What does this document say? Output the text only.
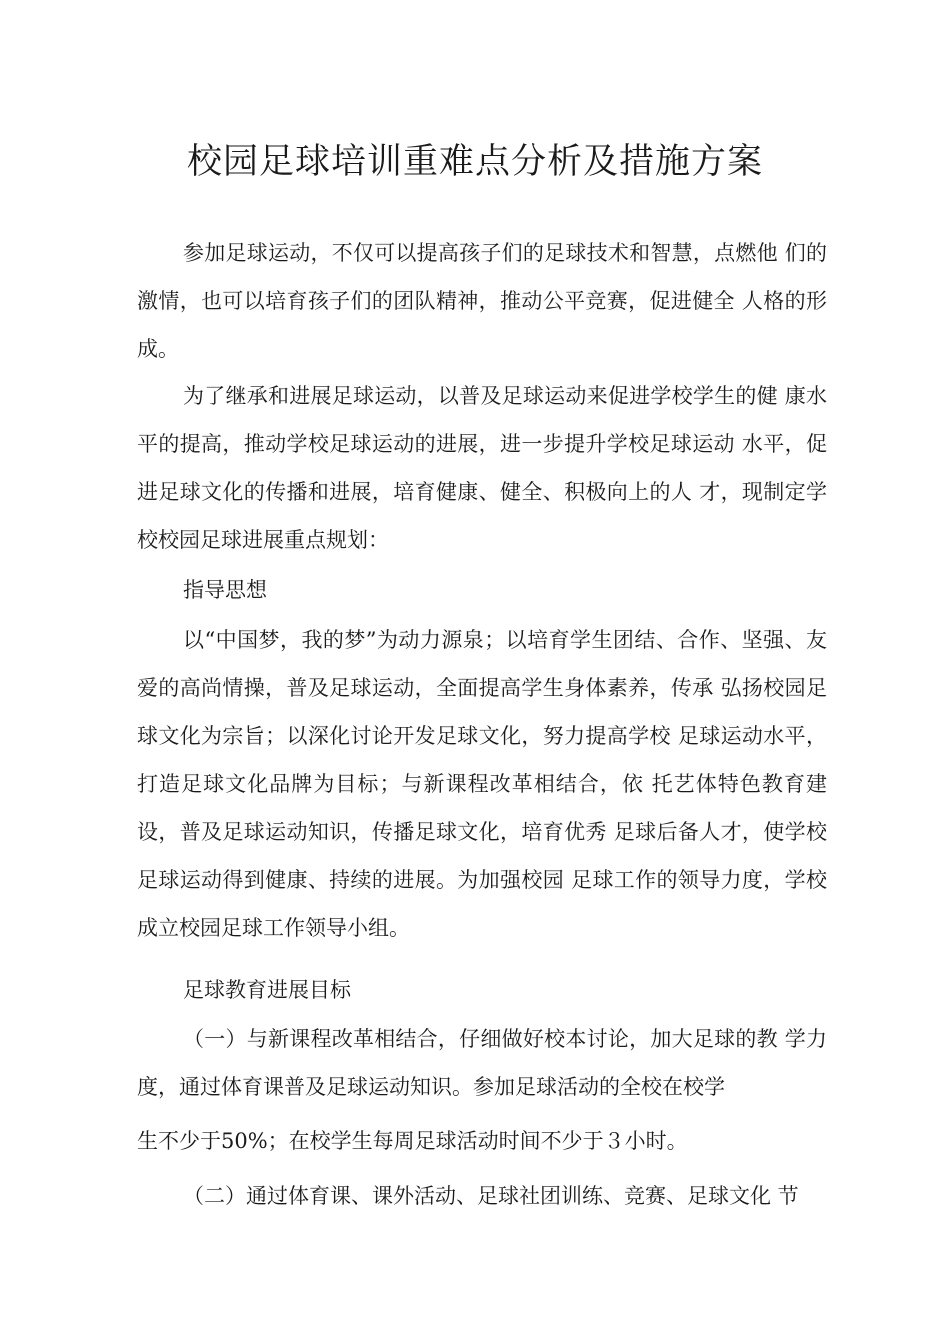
校园足球培训重难点分析及措施方案
参加足球运动，不仅可以提高孩子们的足球技术和智慧，点燃他 们的激情，也可以培育孩子们的团队精神，推动公平竞赛，促进健全 人格的形成。
为了继承和进展足球运动，以普及足球运动来促进学校学生的健 康水平的提高，推动学校足球运动的进展，进一步提升学校足球运动 水平，促进足球文化的传播和进展，培育健康、健全、积极向上的人 才，现制定学校校园足球进展重点规划：
指导思想
以“中国梦，我的梦”为动力源泉；以培育学生团结、合作、坚强、友爱的高尚情操，普及足球运动，全面提高学生身体素养，传承 弘扬校园足球文化为宗旨；以深化讨论开发足球文化，努力提高学校 足球运动水平，打造足球文化品牌为目标；与新课程改革相结合，依 托艺体特色教育建设，普及足球运动知识，传播足球文化，培育优秀 足球后备人才，使学校足球运动得到健康、持续的进展。为加强校园 足球工作的领导力度，学校成立校园足球工作领导小组。
足球教育进展目标
（一）与新课程改革相结合，仔细做好校本讨论，加大足球的教 学力度，通过体育课普及足球运动知识。参加足球活动的全校在校学
生不少于50%；在校学生每周足球活动时间不少于３小时。
（二）通过体育课、课外活动、足球社团训练、竞赛、足球文化 节
